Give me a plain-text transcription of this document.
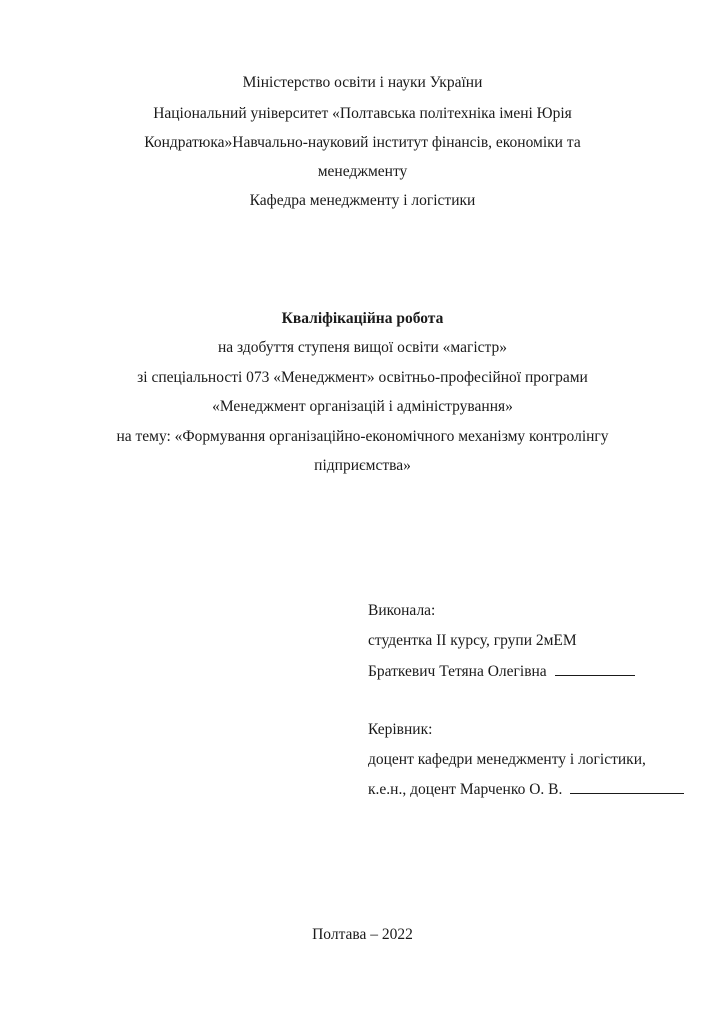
Міністерство освіти і науки України
Національний університет «Полтавська політехніка імені Юрія
Кондратюка»Навчально-науковий інститут фінансів, економіки та
менеджменту
Кафедра менеджменту і логістики
Кваліфікаційна робота
на здобуття ступеня вищої освіти «магістр»
зі спеціальності 073 «Менеджмент» освітньо-професійної програми
«Менеджмент організацій і адміністрування»
на тему: «Формування організаційно-економічного механізму контролінгу
підприємства»
Виконала:
студентка II курсу, групи 2мЕМ
Браткевич Тетяна Олегівна
Керівник:
доцент кафедри менеджменту і логістики,
к.е.н., доцент Марченко О. В.
Полтава – 2022
